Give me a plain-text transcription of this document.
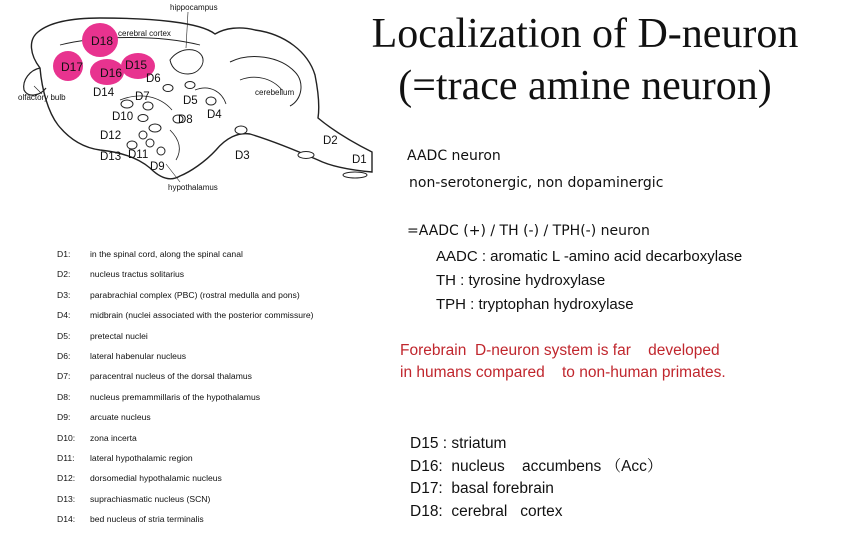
Localization of D-neuron
(=trace amine neuron)
D18
D17 D16
D15
hippocampus
cerebral cortex
olfactory bulb
cerebellum
hypothalamus
D1
D2
D3
D4
D5
D6
D7
D8
D9
D10
D11
D12
D13
D14
D1: in the spinal cord, along the spinal canal
D2: nucleus tractus solitarius
D3: parabrachial complex (PBC) (rostral medulla and pons)
D4: midbrain (nuclei associated with the posterior commissure)
D5: pretectal nuclei
D6: lateral habenular nucleus
D7: paracentral nucleus of the dorsal thalamus
D8: nucleus premammillaris of the hypothalamus
D9: arcuate nucleus
D10: zona incerta
D11: lateral hypothalamic region
D12: dorsomedial hypothalamic nucleus
D13: suprachiasmatic nucleus (SCN)
D14: bed nucleus of stria terminalis
AADC neuron
non-serotonergic, non dopaminergic
=AADC (+) / TH (-) / TPH(-) neuron
AADC : aromatic L -amino acid decarboxylase
TH : tyrosine hydroxylase
TPH : tryptophan hydroxylase
Forebrain  D-neuron system is far    developed
in humans compared    to non-human primates.
D15 : striatum
D16:  nucleus    accumbens （Acc）
D17:  basal forebrain
D18:  cerebral   cortex
